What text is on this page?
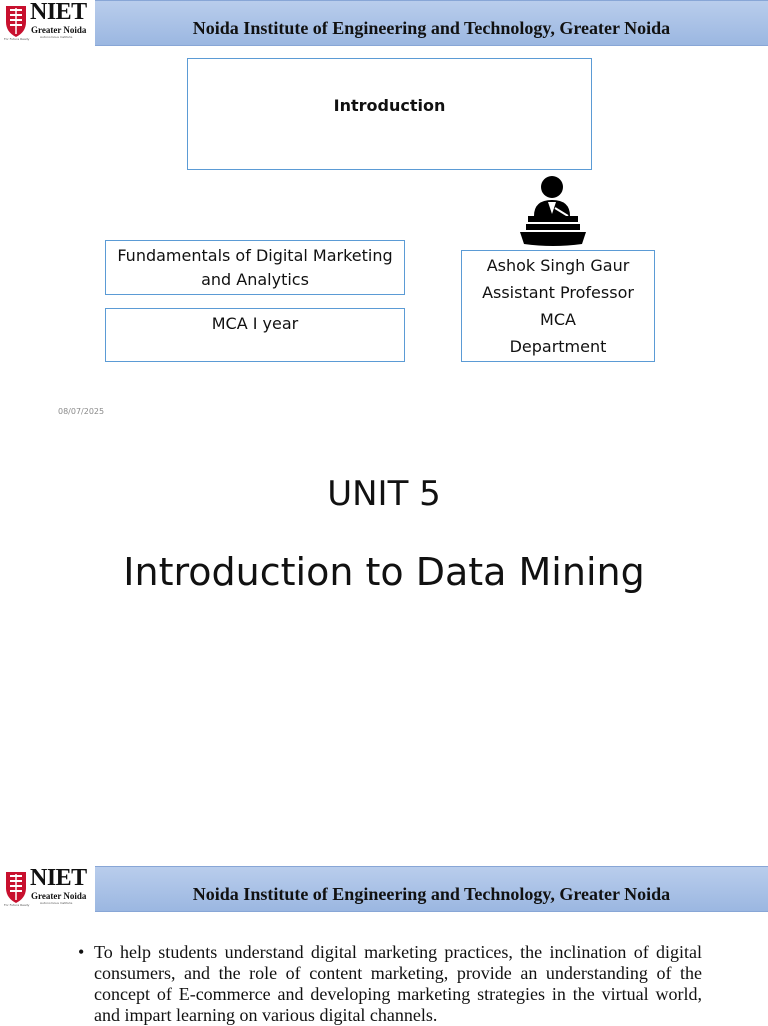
NIET
Greater Noida
Autonomous Institute
For Future Ready
Noida Institute of Engineering and Technology, Greater Noida
Introduction
Fundamentals of Digital Marketing and Analytics
MCA I year
Ashok Singh Gaur
Assistant Professor
MCA
Department
08/07/2025
UNIT 5
Introduction to Data Mining
NIET
Greater Noida
Autonomous Institute
For Future Ready
Noida Institute of Engineering and Technology, Greater Noida
• To help students understand digital marketing practices, the inclination of digital consumers, and the role of content marketing, provide an understanding of the concept of E-commerce and developing marketing strategies in the virtual world, and impart learning on various digital channels.
